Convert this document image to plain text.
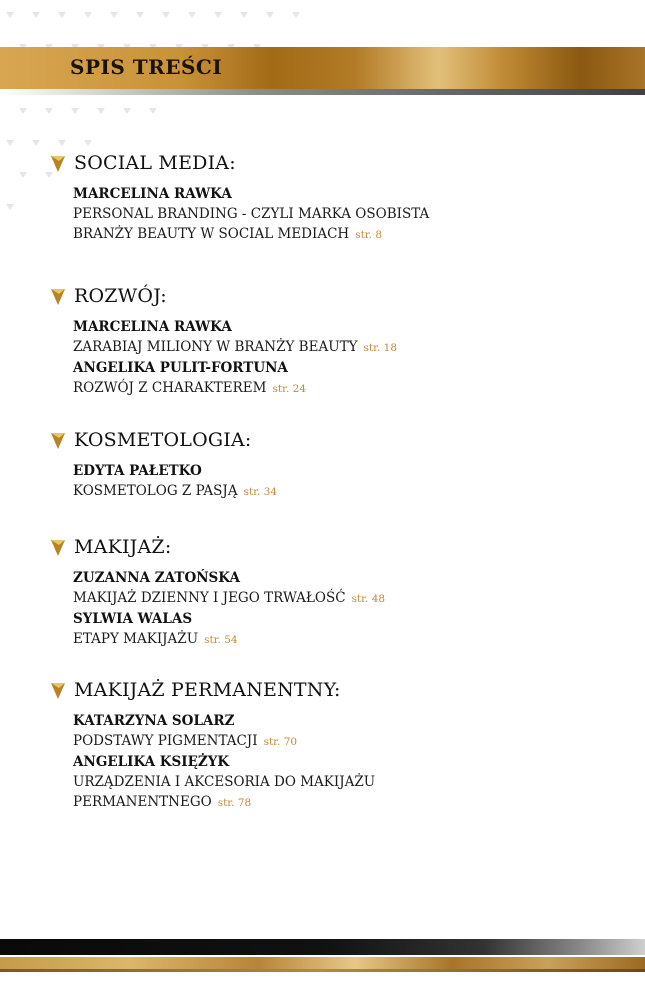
SPIS TREŚCI
SOCIAL MEDIA:
MARCELINA RAWKA
PERSONAL BRANDING - CZYLI MARKA OSOBISTA
BRANŻY BEAUTY W SOCIAL MEDIACH str. 8
ROZWÓJ:
MARCELINA RAWKA
ZARABIAJ MILIONY W BRANŻY BEAUTY str. 18
ANGELIKA PULIT-FORTUNA
ROZWÓJ Z CHARAKTEREM str. 24
KOSMETOLOGIA:
EDYTA PAŁETKO
KOSMETOLOG Z PASJĄ str. 34
MAKIJAŻ:
ZUZANNA ZATOŃSKA
MAKIJAŻ DZIENNY I JEGO TRWAŁOŚĆ str. 48
SYLWIA WALAS
ETAPY MAKIJAŻU str. 54
MAKIJAŻ PERMANENTNY:
KATARZYNA SOLARZ
PODSTAWY PIGMENTACJI str. 70
ANGELIKA KSIĘŻYK
URZĄDZENIA I AKCESORIA DO MAKIJAŻU
PERMANENTNEGO str. 78
